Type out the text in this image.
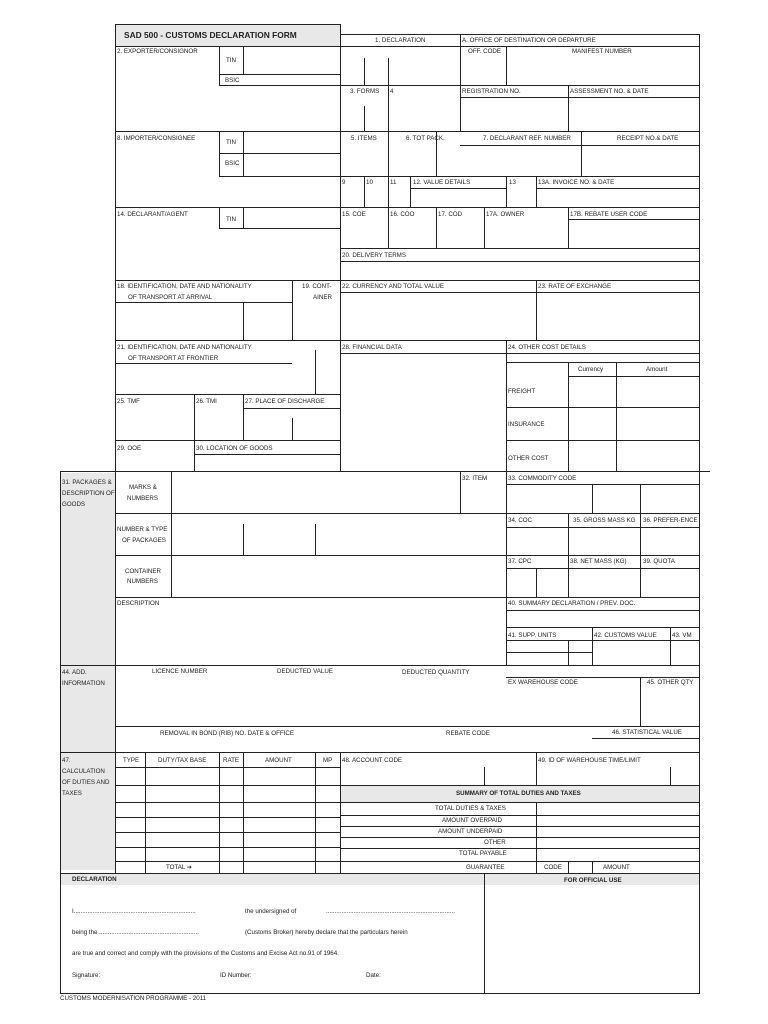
SAD 500 - CUSTOMS DECLARATION FORM
1. DECLARATION	A. OFFICE OF DESTINATION OR DEPARTURE
OFF. CODE	MANIFEST NUMBER
2. EXPORTER/CONSIGNOR
TIN
BSIC
8. IMPORTER/CONSIGNEE
TIN
BSIC
14. DECLARANT/AGENT
TIN
3. FORMS 4	REGISTRATION NO.	ASSESSMENT NO. & DATE
5. ITEMS	6. TOT PACK.	7. DECLARANT REF. NUMBER	RECEIPT NO.& DATE
9	10	11	12. VALUE DETAILS	13	13A. INVOICE NO. & DATE
15. COE	16. COO	17. COD	17A. OWNER	17B. REBATE USER CODE
20. DELIVERY TERMS
18. IDENTIFICATION, DATE AND NATIONALITY
OF TRANSPORT AT ARRIVAL
19. CONT-
AINER
22. CURRENCY AND TOTAL VALUE	23. RATE OF EXCHANGE
21. IDENTIFICATION, DATE AND NATIONALITY
OF TRANSPORT AT FRONTIER
28. FINANCIAL DATA	24. OTHER COST DETAILS
Currency	Amount
FREIGHT
INSURANCE
OTHER COST
25. TMF	26. TMI	27. PLACE OF DISCHARGE
29. OOE	30. LOCATION OF GOODS
31. PACKAGES &
DESCRIPTION OF
GOODS
MARKS &
NUMBERS
NUMBER & TYPE
OF PACKAGES
CONTAINER
NUMBERS
DESCRIPTION
32. ITEM	33. COMMODITY CODE
34. COC	35. GROSS MASS KG 36. PREFER-ENCE
37. CPC	38. NET MASS (KG)	39. QUOTA
40. SUMMARY DECLARATION / PREV. DOC.
41. SUPP. UNITS	42. CUSTOMS VALUE 43. VM
44. ADD.
INFORMATION
LICENCE NUMBER	DEDUCTED VALUE	DEDUCTED QUANTITY
EX WAREHOUSE CODE	45. OTHER QTY
REMOVAL IN BOND (RIB) NO. DATE & OFFICE	REBATE CODE	46. STATISTICAL VALUE
47.
CALCULATION
OF DUTIES AND
TAXES
TYPE	DUTY/TAX BASE	RATE	AMOUNT	MP 48. ACCOUNT CODE	49. ID OF WAREHOUSE TIME/LIMIT
TOTAL ➔
SUMMARY OF TOTAL DUTIES AND TAXES
TOTAL DUTIES & TAXES
AMOUNT OVERPAID
AMOUNT UNDERPAID
OTHER
TOTAL PAYABLE
GUARANTEE	CODE	AMOUNT
DECLARATION	FOR OFFICIAL USE
I.......................................................................	the undersigned of	...........................................................................
being the ..........................................................	(Customs Broker) hereby declare that the particulars herein
are true and correct and comply with the provisions of the Customs and Excise Act no.91 of 1964.
Signature:	ID Number:	Date:
CUSTOMS MODERNISATION PROGRAMME - 2011
